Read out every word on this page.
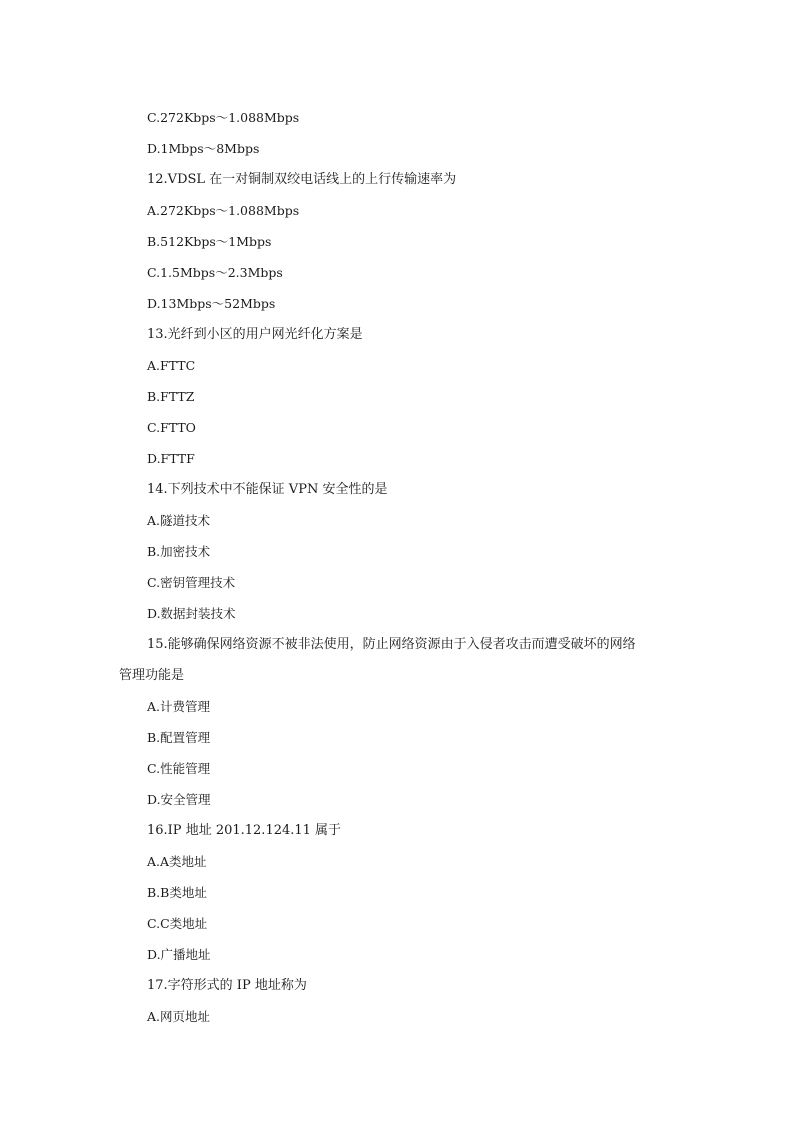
C.272Kbps～1.088Mbps
D.1Mbps～8Mbps
12.VDSL 在一对铜制双绞电话线上的上行传输速率为
A.272Kbps～1.088Mbps
B.512Kbps～1Mbps
C.1.5Mbps～2.3Mbps
D.13Mbps～52Mbps
13.光纤到小区的用户网光纤化方案是
A.FTTC
B.FTTZ
C.FTTO
D.FTTF
14.下列技术中不能保证 VPN 安全性的是
A.隧道技术
B.加密技术
C.密钥管理技术
D.数据封装技术
15.能够确保网络资源不被非法使用，防止网络资源由于入侵者攻击而遭受破坏的网络
管理功能是
A.计费管理
B.配置管理
C.性能管理
D.安全管理
16.IP 地址 201.12.124.11 属于
A.A类地址
B.B类地址
C.C类地址
D.广播地址
17.字符形式的 IP 地址称为
A.网页地址
